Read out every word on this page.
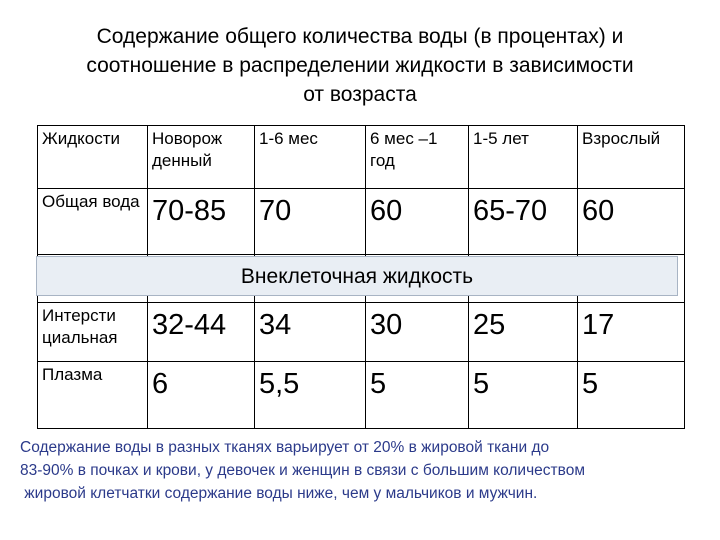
Содержание общего количества воды (в процентах) и
соотношение в распределении жидкости в зависимости
от возраста
Жидкости	Новорож денный	1-6 мес	6 мес –1 год	1-5 лет	Взрослый
Общая вода	70-85	70	60	65-70	60

Интерсти циальная	32-44	34	30	25	17
Плазма	6	5,5	5	5	5
Внеклеточная жидкость
Содержание воды в разных тканях варьирует от 20% в жировой ткани до
83-90% в почках и крови, у девочек и женщин в связи с большим количеством
жировой клетчатки содержание воды ниже, чем у мальчиков и мужчин.
